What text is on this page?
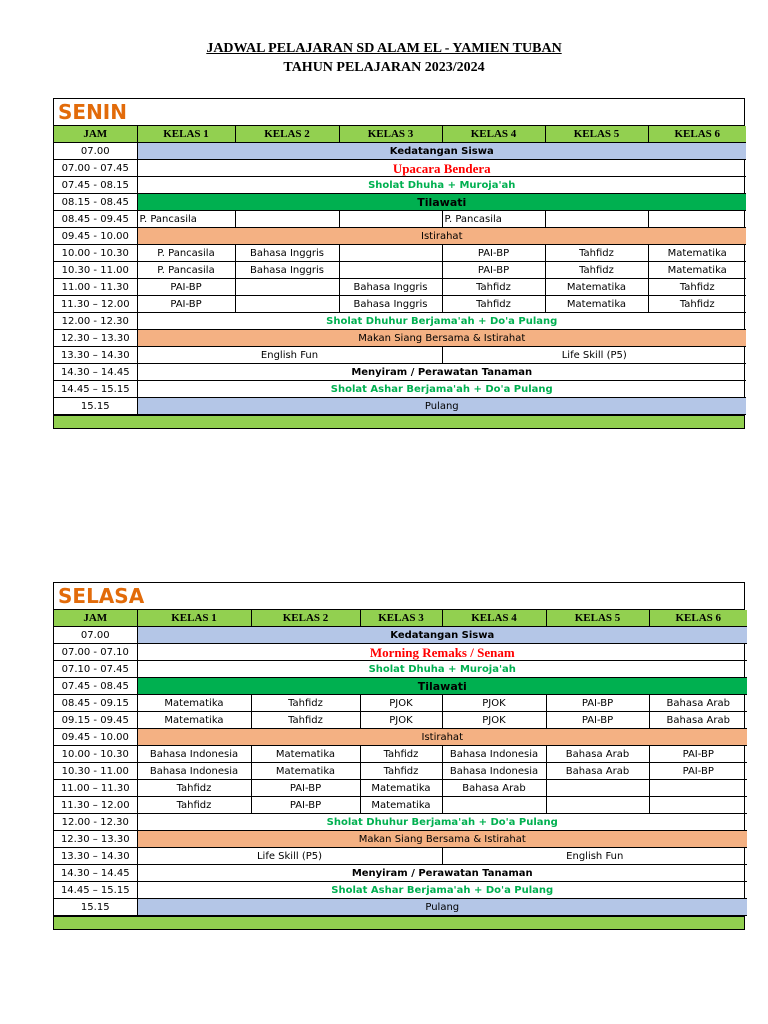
JADWAL PELAJARAN SD ALAM EL - YAMIEN TUBAN
TAHUN PELAJARAN 2023/2024
SENIN
JAM	KELAS 1	KELAS 2	KELAS 3	KELAS 4	KELAS 5	KELAS 6
07.00	Kedatangan Siswa					
07.00 - 07.45	Upacara Bendera					
07.45 - 08.15	Sholat Dhuha + Muroja'ah					
08.15 - 08.45	Tilawati					
08.45 - 09.45	P. Pancasila			P. Pancasila		
09.45 - 10.00	Istirahat					
10.00 - 10.30	P. Pancasila	Bahasa Inggris		PAI-BP	Tahfidz	Matematika
10.30 - 11.00	P. Pancasila	Bahasa Inggris		PAI-BP	Tahfidz	Matematika
11.00 - 11.30	PAI-BP		Bahasa Inggris	Tahfidz	Matematika	Tahfidz
11.30 – 12.00	PAI-BP		Bahasa Inggris	Tahfidz	Matematika	Tahfidz
12.00 - 12.30	Sholat Dhuhur Berjama'ah + Do'a Pulang					
12.30 – 13.30	Makan Siang Bersama & Istirahat					
13.30 – 14.30	English Fun			Life Skill (P5)		
14.30 – 14.45	Menyiram / Perawatan Tanaman					
14.45 – 15.15	Sholat Ashar Berjama'ah + Do'a Pulang					
15.15	Pulang					
SELASA
JAM	KELAS 1	KELAS 2	KELAS 3	KELAS 4	KELAS 5	KELAS 6
07.00	Kedatangan Siswa					
07.00 - 07.10	Morning Remaks / Senam					
07.10 - 07.45	Sholat Dhuha + Muroja'ah					
07.45 - 08.45	Tilawati					
08.45 - 09.15	Matematika	Tahfidz	PJOK	PJOK	PAI-BP	Bahasa Arab
09.15 - 09.45	Matematika	Tahfidz	PJOK	PJOK	PAI-BP	Bahasa Arab
09.45 - 10.00	Istirahat					
10.00 - 10.30	Bahasa Indonesia	Matematika	Tahfidz	Bahasa Indonesia	Bahasa Arab	PAI-BP
10.30 - 11.00	Bahasa Indonesia	Matematika	Tahfidz	Bahasa Indonesia	Bahasa Arab	PAI-BP
11.00 – 11.30	Tahfidz	PAI-BP	Matematika	Bahasa Arab		
11.30 – 12.00	Tahfidz	PAI-BP	Matematika			
12.00 - 12.30	Sholat Dhuhur Berjama'ah + Do'a Pulang					
12.30 – 13.30	Makan Siang Bersama & Istirahat					
13.30 – 14.30	Life Skill (P5)			English Fun		
14.30 – 14.45	Menyiram / Perawatan Tanaman					
14.45 – 15.15	Sholat Ashar Berjama'ah + Do'a Pulang					
15.15	Pulang					
